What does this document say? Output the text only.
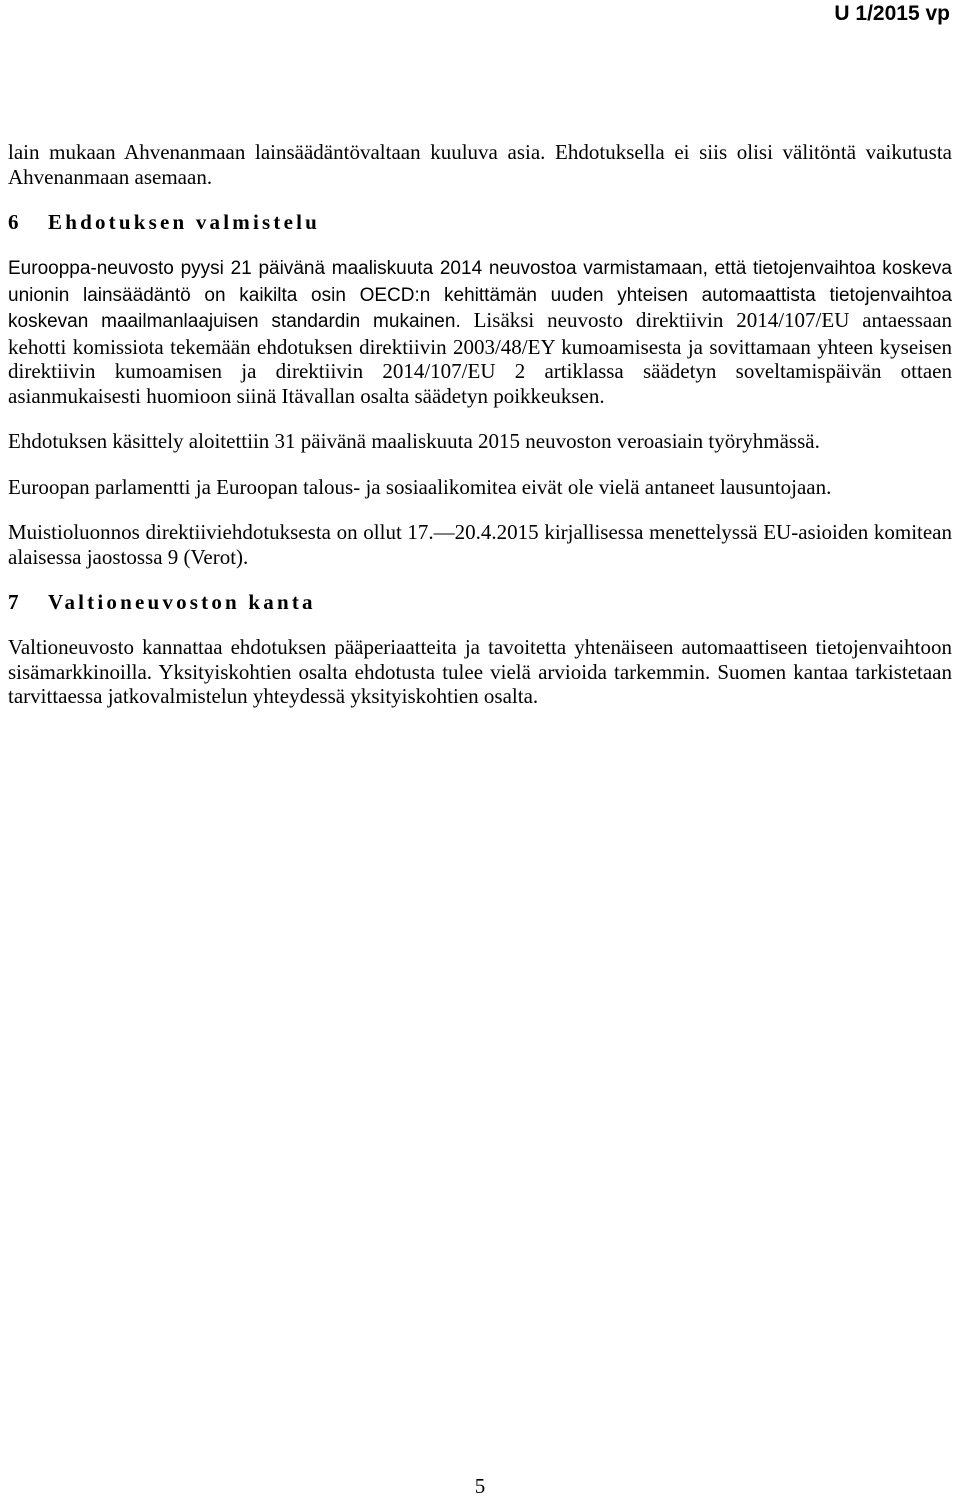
U 1/2015 vp

lain mukaan Ahvenanmaan lainsäädäntövaltaan kuuluva asia. Ehdotuksella ei siis olisi välitöntä vaikutusta Ahvenanmaan asemaan.

6 Ehdotuksen valmistelu

Eurooppa-neuvosto pyysi 21 päivänä maaliskuuta 2014 neuvostoa varmistamaan, että tietojenvaihtoa koskeva unionin lainsäädäntö on kaikilta osin OECD:n kehittämän uuden yhteisen automaattista tietojenvaihtoa koskevan maailmanlaajuisen standardin mukainen. Lisäksi neuvosto direktiivin 2014/107/EU antaessaan kehotti komissiota tekemään ehdotuksen direktiivin 2003/48/EY kumoamisesta ja sovittamaan yhteen kyseisen direktiivin kumoamisen ja direktiivin 2014/107/EU 2 artiklassa säädetyn soveltamispäivän ottaen asianmukaisesti huomioon siinä Itävallan osalta säädetyn poikkeuksen.

Ehdotuksen käsittely aloitettiin 31 päivänä maaliskuuta 2015 neuvoston veroasiain työryhmässä.

Euroopan parlamentti ja Euroopan talous- ja sosiaalikomitea eivät ole vielä antaneet lausuntojaan.

Muistioluonnos direktiiviehdotuksesta on ollut 17.—20.4.2015 kirjallisessa menettelyssä EU-asioiden komitean alaisessa jaostossa 9 (Verot).

7 Valtioneuvoston kanta

Valtioneuvosto kannattaa ehdotuksen pääperiaatteita ja tavoitetta yhtenäiseen automaattiseen tietojenvaihtoon sisämarkkinoilla. Yksityiskohtien osalta ehdotusta tulee vielä arvioida tarkemmin. Suomen kantaa tarkistetaan tarvittaessa jatkovalmistelun yhteydessä yksityiskohtien osalta.

5
